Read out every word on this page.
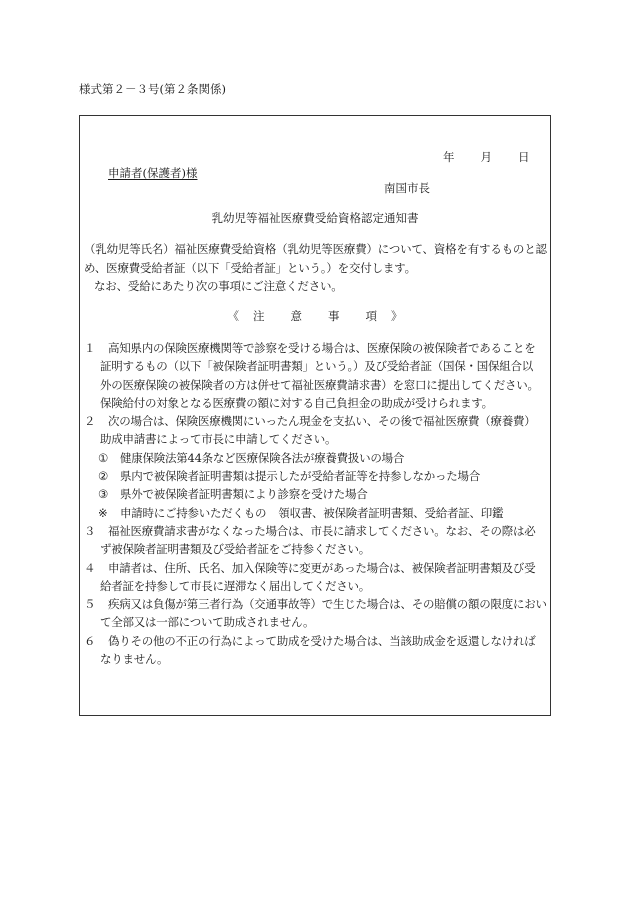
様式第２－３号(第２条関係)
年 月 日
申請者(保護者)様
南国市長
乳幼児等福祉医療費受給資格認定通知書

（乳幼児等氏名）福祉医療費受給資格（乳幼児等医療費）について、資格を有するものと認

め、医療費受給者証（以下「受給者証」という。）を交付します。

なお、受給にあたり次の事項にご注意ください。

《 注 意 事 項 》
１ 高知県内の保険医療機関等で診察を受ける場合は、医療保険の被保険者であることを
証明するもの（以下「被保険者証明書類」という。）及び受給者証（国保・国保組合以
外の医療保険の被保険者の方は併せて福祉医療費請求書）を窓口に提出してください。
保険給付の対象となる医療費の額に対する自己負担金の助成が受けられます。
２ 次の場合は、保険医療機関にいったん現金を支払い、その後で福祉医療費（療養費）
助成申請書によって市長に申請してください。
① 健康保険法第44条など医療保険各法が療養費扱いの場合
② 県内で被保険者証明書類は提示したが受給者証等を持参しなかった場合
③ 県外で被保険者証明書類により診察を受けた場合
※ 申請時にご持参いただくもの 領収書、被保険者証明書類、受給者証、印鑑
３ 福祉医療費請求書がなくなった場合は、市長に請求してください。なお、その際は必
ず被保険者証明書類及び受給者証をご持参ください。
４ 申請者は、住所、氏名、加入保険等に変更があった場合は、被保険者証明書類及び受
給者証を持参して市長に遅滞なく届出してください。
５ 疾病又は負傷が第三者行為（交通事故等）で生じた場合は、その賠償の額の限度におい
て全部又は一部について助成されません。
６ 偽りその他の不正の行為によって助成を受けた場合は、当該助成金を返還しなければ
なりません。
